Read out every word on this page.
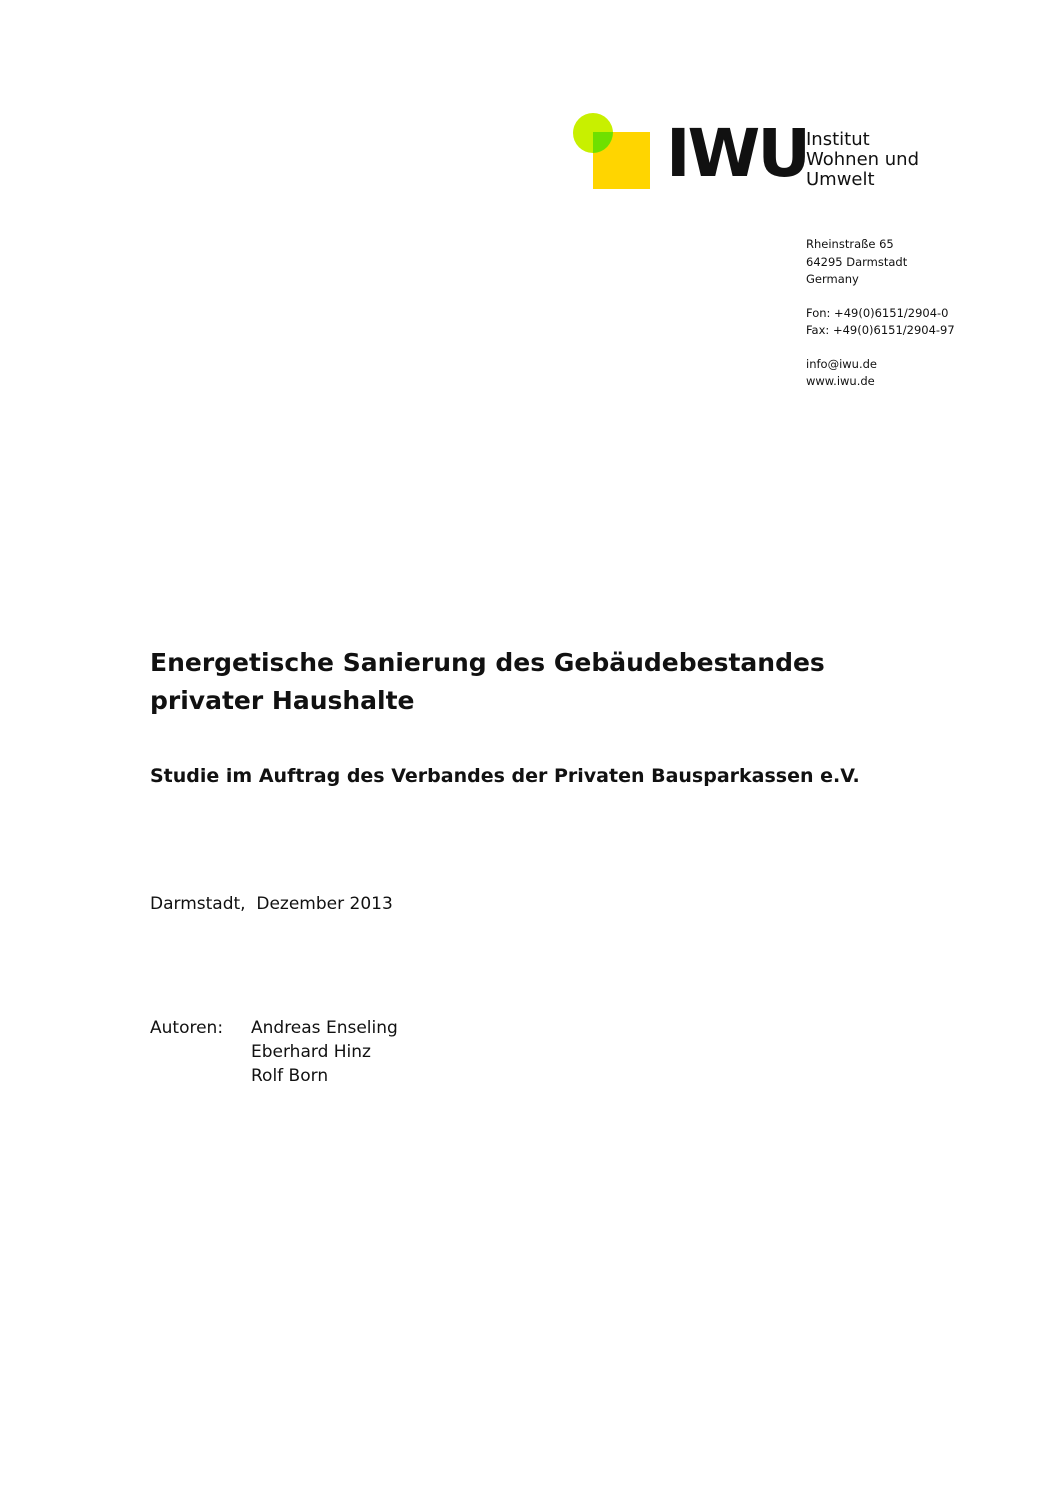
IWU
Institut
Wohnen und
Umwelt
Rheinstraße 65
64295 Darmstadt
Germany
Fon: +49(0)6151/2904-0
Fax: +49(0)6151/2904-97
info@iwu.de
www.iwu.de
Energetische Sanierung des Gebäudebestandes
privater Haushalte
Studie im Auftrag des Verbandes der Privaten Bausparkassen e.V.
Darmstadt,  Dezember 2013
Autoren: Andreas Enseling
Eberhard Hinz
Rolf Born
